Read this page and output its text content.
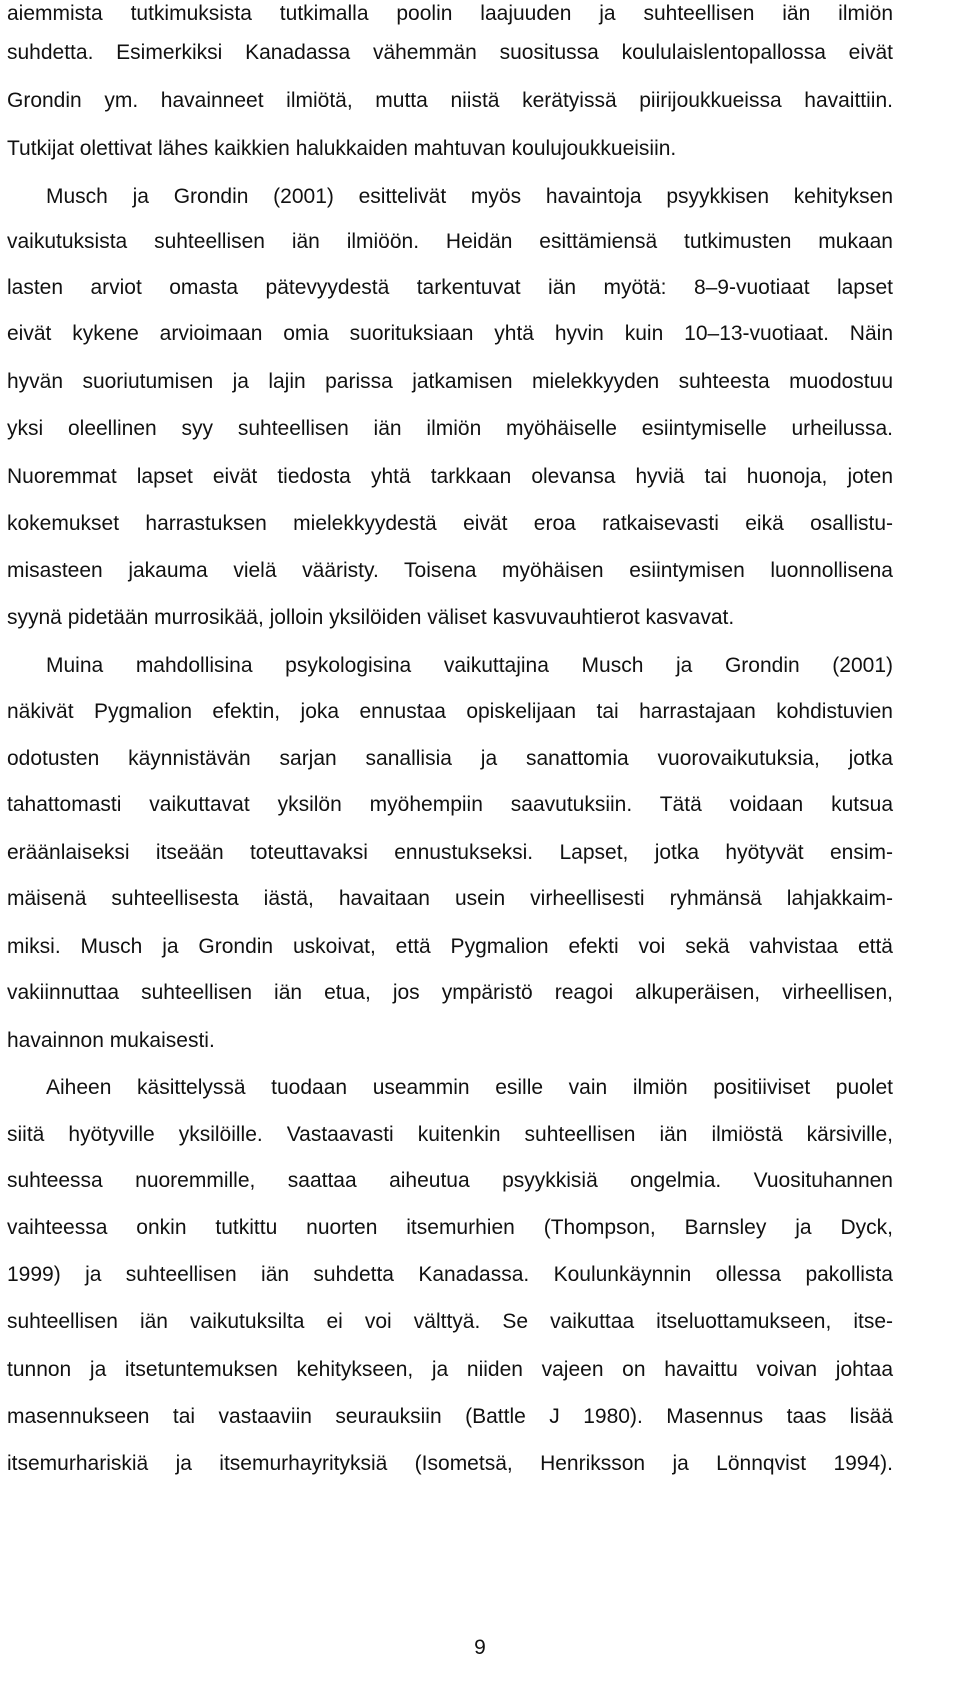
aiemmista tutkimuksista tutkimalla poolin laajuuden ja suhteellisen iän ilmiön
suhdetta. Esimerkiksi Kanadassa vähemmän suositussa koululaislentopallossa eivät
Grondin ym. havainneet ilmiötä, mutta niistä kerätyissä piirijoukkueissa havaittiin.
Tutkijat olettivat lähes kaikkien halukkaiden mahtuvan koulujoukkueisiin.
Musch ja Grondin (2001) esittelivät myös havaintoja psyykkisen kehityksen
vaikutuksista suhteellisen iän ilmiöön. Heidän esittämiensä tutkimusten mukaan
lasten arviot omasta pätevyydestä tarkentuvat iän myötä: 8–9-vuotiaat lapset
eivät kykene arvioimaan omia suorituksiaan yhtä hyvin kuin 10–13-vuotiaat. Näin
hyvän suoriutumisen ja lajin parissa jatkamisen mielekkyyden suhteesta muodostuu
yksi oleellinen syy suhteellisen iän ilmiön myöhäiselle esiintymiselle urheilussa.
Nuoremmat lapset eivät tiedosta yhtä tarkkaan olevansa hyviä tai huonoja, joten
kokemukset harrastuksen mielekkyydestä eivät eroa ratkaisevasti eikä osallistu-
misasteen jakauma vielä vääristy. Toisena myöhäisen esiintymisen luonnollisena
syynä pidetään murrosikää, jolloin yksilöiden väliset kasvuvauhtierot kasvavat.
Muina mahdollisina psykologisina vaikuttajina Musch ja Grondin (2001)
näkivät Pygmalion efektin, joka ennustaa opiskelijaan tai harrastajaan kohdistuvien
odotusten käynnistävän sarjan sanallisia ja sanattomia vuorovaikutuksia, jotka
tahattomasti vaikuttavat yksilön myöhempiin saavutuksiin. Tätä voidaan kutsua
eräänlaiseksi itseään toteuttavaksi ennustukseksi. Lapset, jotka hyötyvät ensim-
mäisenä suhteellisesta iästä, havaitaan usein virheellisesti ryhmänsä lahjakkaim-
miksi. Musch ja Grondin uskoivat, että Pygmalion efekti voi sekä vahvistaa että
vakiinnuttaa suhteellisen iän etua, jos ympäristö reagoi alkuperäisen, virheellisen,
havainnon mukaisesti.
Aiheen käsittelyssä tuodaan useammin esille vain ilmiön positiiviset puolet
siitä hyötyville yksilöille. Vastaavasti kuitenkin suhteellisen iän ilmiöstä kärsiville,
suhteessa nuoremmille, saattaa aiheutua psyykkisiä ongelmia. Vuosituhannen
vaihteessa onkin tutkittu nuorten itsemurhien (Thompson, Barnsley ja Dyck,
1999) ja suhteellisen iän suhdetta Kanadassa. Koulunkäynnin ollessa pakollista
suhteellisen iän vaikutuksilta ei voi välttyä. Se vaikuttaa itseluottamukseen, itse-
tunnon ja itsetuntemuksen kehitykseen, ja niiden vajeen on havaittu voivan johtaa
masennukseen tai vastaaviin seurauksiin (Battle J 1980). Masennus taas lisää
itsemurhariskiä ja itsemurhayrityksiä (Isometsä, Henriksson ja Lönnqvist 1994).
9
